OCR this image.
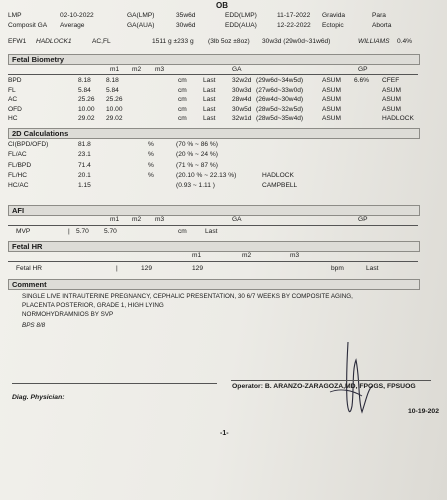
OB
LMP	02-10-2022	GA(LMP)	35w6d	EDD(LMP)	11-17-2022 Gravida	Para
Composit GA Average	GA(AUA)	30w6d	EDD(AUA)	12-22-2022 Ectopic	Aborta
EFW1 HADLOCK1	AC,FL	1511 g ±233 g (3lb 5oz ±8oz) 30w3d (29w0d~31w6d)	WILLIAMS 0.4%
Fetal Biometry
m1 m2 m3	GA	GP
BPD	8.18 8.18	cm Last	32w2d (29w6d~34w5d)	ASUM 6.6% CFEF
FL	5.84 5.84	cm Last	30w3d (27w6d~33w0d)	ASUM	ASUM
AC	25.26 25.26	cm Last	28w4d (26w4d~30w4d)	ASUM	ASUM
OFD	10.00 10.00	cm Last	30w5d (28w5d~32w5d)	ASUM	ASUM
HC	29.02 29.02	cm Last	32w1d (28w5d~35w4d)	ASUM	HADLOCK
2D Calculations
CI(BPD/OFD)	81.8	%	(70 % ~ 86 %)
FL/AC	23.1	%	(20 % ~ 24 %)
FL/BPD	71.4	%	(71 % ~ 87 %)
FL/HC	20.1	%	(20.10 % ~ 22.13 %)	HADLOCK
HC/AC	1.15	(0.93 ~ 1.11 )	CAMPBELL
AFI
m1 m2 m3	GA	GP
MVP	| 5.70 5.70	cm	Last
Fetal HR
m1	m2	m3
Fetal HR	|	129	129	bpm	Last
Comment
SINGLE LIVE INTRAUTERINE PREGNANCY, CEPHALIC PRESENTATION, 30 6/7 WEEKS BY COMPOSITE AGING,
PLACENTA POSTERIOR, GRADE 1, HIGH LYING
NORMOHYDRAMNIOS BY SVP
BPS 8/8
Operator: B. ARANZO-ZARAGOZA,MD, FPOGS, FPSUOG
Diag. Physician:
10-19-202
-1-
